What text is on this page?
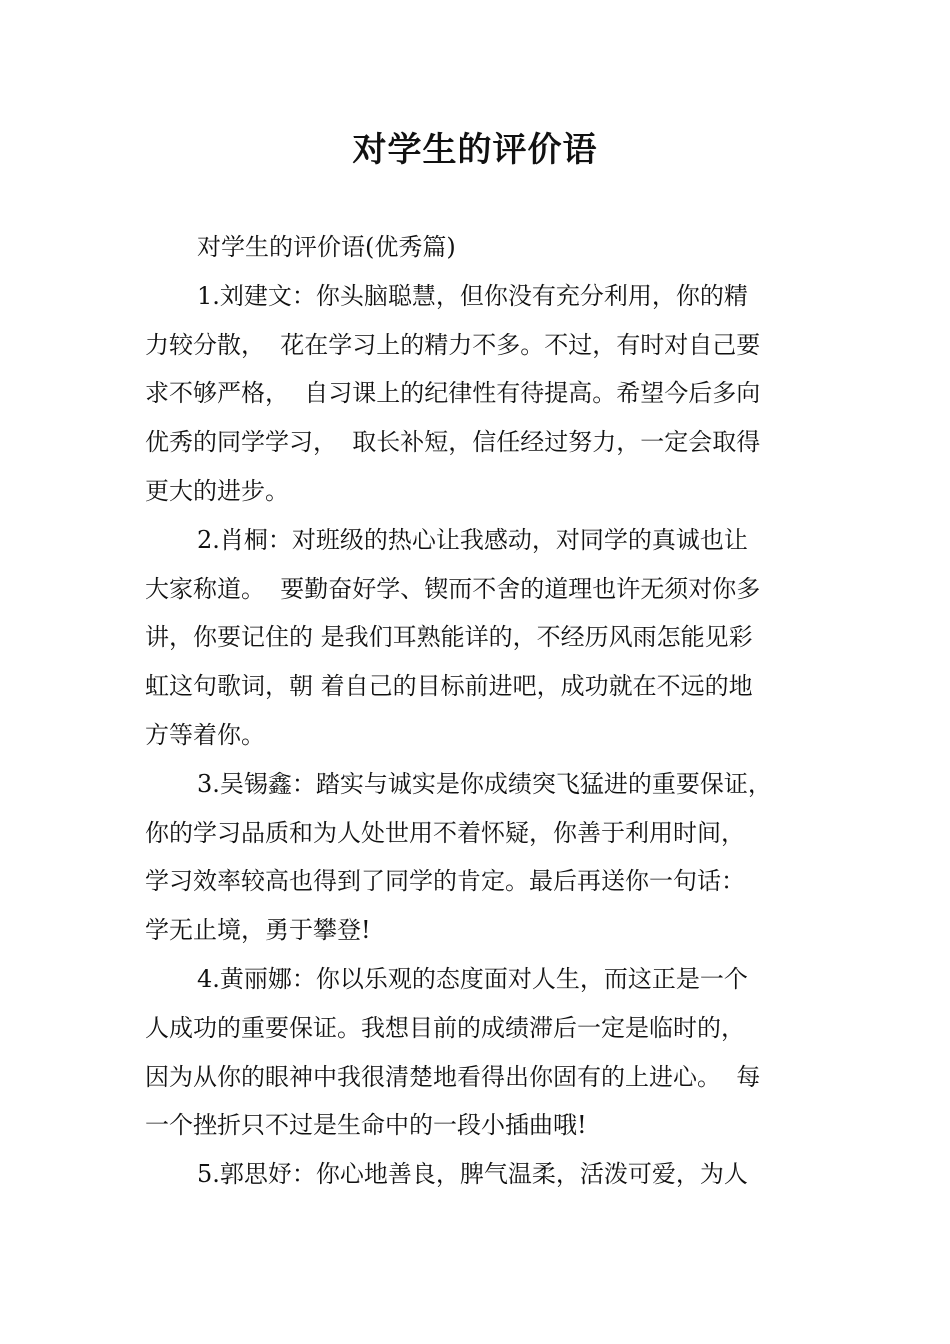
对学生的评价语

对学生的评价语(优秀篇)

1.刘建文：你头脑聪慧，但你没有充分利用，你的精
力较分散，  花在学习上的精力不多。不过，有时对自己要
求不够严格，  自习课上的纪律性有待提高。希望今后多向
优秀的同学学习，  取长补短，信任经过努力，一定会取得
更大的进步。
2.肖桐：对班级的热心让我感动，对同学的真诚也让
大家称道。  要勤奋好学、锲而不舍的道理也许无须对你多
讲，你要记住的 是我们耳熟能详的，不经历风雨怎能见彩
虹这句歌词，朝 着自己的目标前进吧，成功就在不远的地
方等着你。
3.吴锡鑫：踏实与诚实是你成绩突飞猛进的重要保证，
你的学习品质和为人处世用不着怀疑，你善于利用时间，
学习效率较高也得到了同学的肯定。最后再送你一句话：
学无止境，勇于攀登!
4.黄丽娜：你以乐观的态度面对人生，而这正是一个
人成功的重要保证。我想目前的成绩滞后一定是临时的，
因为从你的眼神中我很清楚地看得出你固有的上进心。  每
一个挫折只不过是生命中的一段小插曲哦!
5.郭思妤：你心地善良，脾气温柔，活泼可爱，为人
